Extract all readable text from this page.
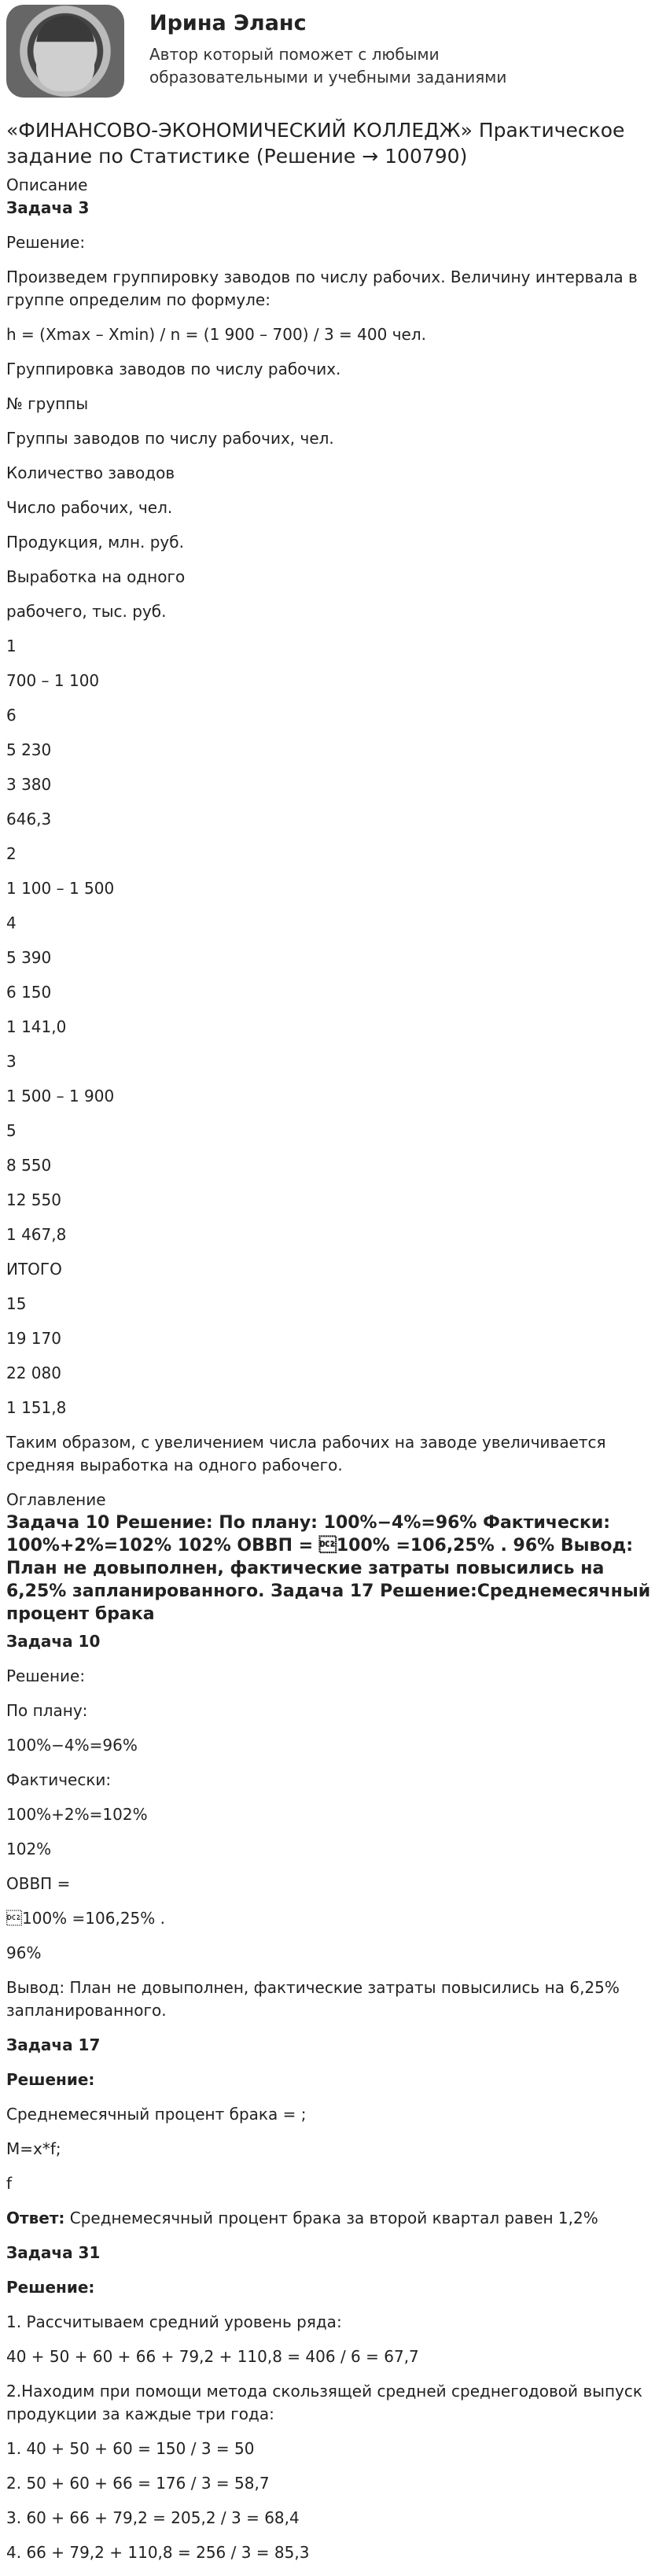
Ирина Эланс
Автор который поможет с любыми образовательными и учебными заданиями
«ФИНАНСОВО-ЭКОНОМИЧЕСКИЙ КОЛЛЕДЖ» Практическое задание по Статистике (Решение → 100790)
Описание

Задача 3

Решение:

Произведем группировку заводов по числу рабочих. Величину интервала в группе определим по формуле:

h = (Xmax – Xmin) / n = (1 900 – 700) / 3 = 400 чел.

Группировка заводов по числу рабочих.

№ группы

Группы заводов по числу рабочих, чел.

Количество заводов

Число рабочих, чел.

Продукция, млн. руб.

Выработка на одного

рабочего, тыс. руб.

1

700 – 1 100

6

5 230

3 380

646,3

2

1 100 – 1 500

4

5 390

6 150

1 141,0

3

1 500 – 1 900

5

8 550

12 550

1 467,8

ИТОГО

15

19 170

22 080

1 151,8

Таким образом, с увеличением числа рабочих на заводе увеличивается средняя выработка на одного рабочего.

Оглавление
Задача 10 Решение: По плану: 100%−4%=96% Фактически: 100%+2%=102% 102% ОВВП = 100% =106,25% . 96% Вывод: План не довыполнен, фактические затраты повысились на 6,25% запланированного. Задача 17 Решение:Среднемесячный процент брака

Задача 10

Решение:

По плану:

100%−4%=96%

Фактически:

100%+2%=102%

102%

ОВВП =

100% =106,25% .

96%

Вывод: План не довыполнен, фактические затраты повысились на 6,25% запланированного.

Задача 17

Решение:

Среднемесячный процент брака = ;

M=x*f;

f

Ответ: Среднемесячный процент брака за второй квартал равен 1,2%

Задача 31

Решение:

1. Рассчитываем средний уровень ряда:

40 + 50 + 60 + 66 + 79,2 + 110,8 = 406 / 6 = 67,7

2.Находим при помощи метода скользящей средней среднегодовой выпуск продукции за каждые три года:

1. 40 + 50 + 60 = 150 / 3 = 50

2. 50 + 60 + 66 = 176 / 3 = 58,7

3. 60 + 66 + 79,2 = 205,2 / 3 = 68,4

4. 66 + 79,2 + 110,8 = 256 / 3 = 85,3
